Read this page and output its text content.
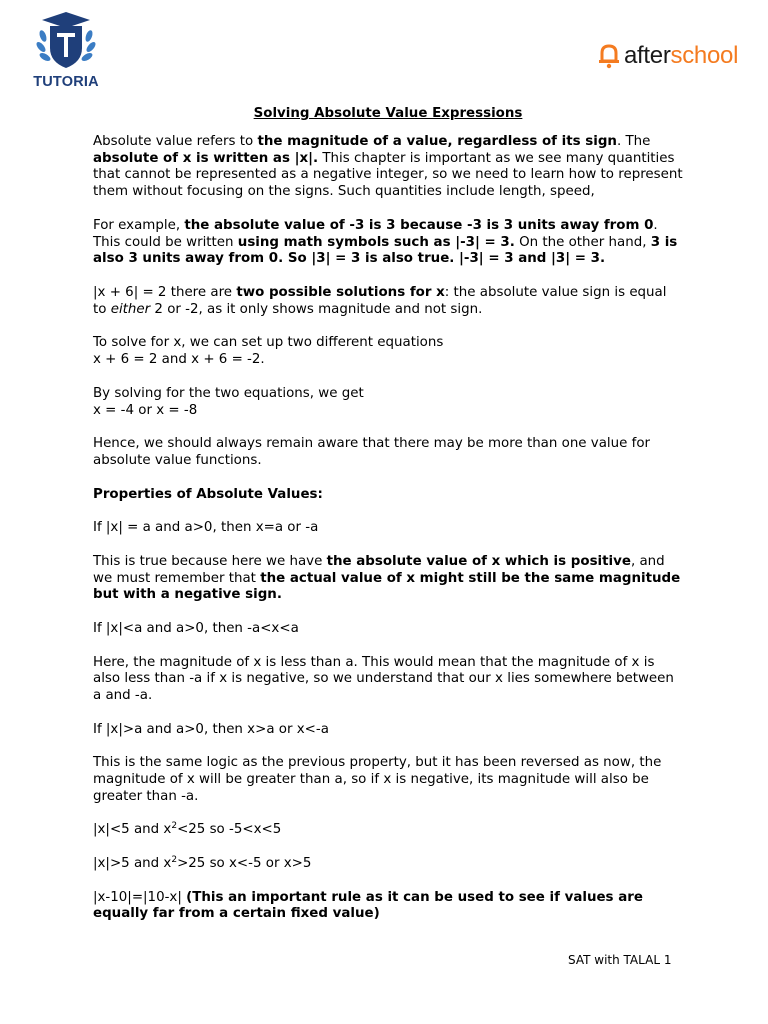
TUTORIA
afterschool
Solving Absolute Value Expressions

Absolute value refers to the magnitude of a value, regardless of its sign. The absolute of x is written as |x|. This chapter is important as we see many quantities that cannot be represented as a negative integer, so we need to learn how to represent them without focusing on the signs. Such quantities include length, speed,

For example, the absolute value of -3 is 3 because -3 is 3 units away from 0. This could be written using math symbols such as |-3| = 3. On the other hand, 3 is also 3 units away from 0. So |3| = 3 is also true. |-3| = 3 and |3| = 3.

|x + 6| = 2 there are two possible solutions for x: the absolute value sign is equal to either 2 or -2, as it only shows magnitude and not sign.

To solve for x, we can set up two different equations
x + 6 = 2 and x + 6 = -2.

By solving for the two equations, we get
x = -4 or x = -8

Hence, we should always remain aware that there may be more than one value for absolute value functions.

Properties of Absolute Values:

If |x| = a and a>0, then x=a or -a

This is true because here we have the absolute value of x which is positive, and we must remember that the actual value of x might still be the same magnitude but with a negative sign.

If |x|<a and a>0, then -a<x<a

Here, the magnitude of x is less than a. This would mean that the magnitude of x is also less than -a if x is negative, so we understand that our x lies somewhere between a and -a.

If |x|>a and a>0, then x>a or x<-a

This is the same logic as the previous property, but it has been reversed as now, the magnitude of x will be greater than a, so if x is negative, its magnitude will also be greater than -a.

|x|<5 and $x^2<25$ so -5<x<5

|x|>5 and $x^2>25$ so x<-5 or x>5

|x-10|=|10-x| (This an important rule as it can be used to see if values are equally far from a certain fixed value)

SAT with TALAL 1
